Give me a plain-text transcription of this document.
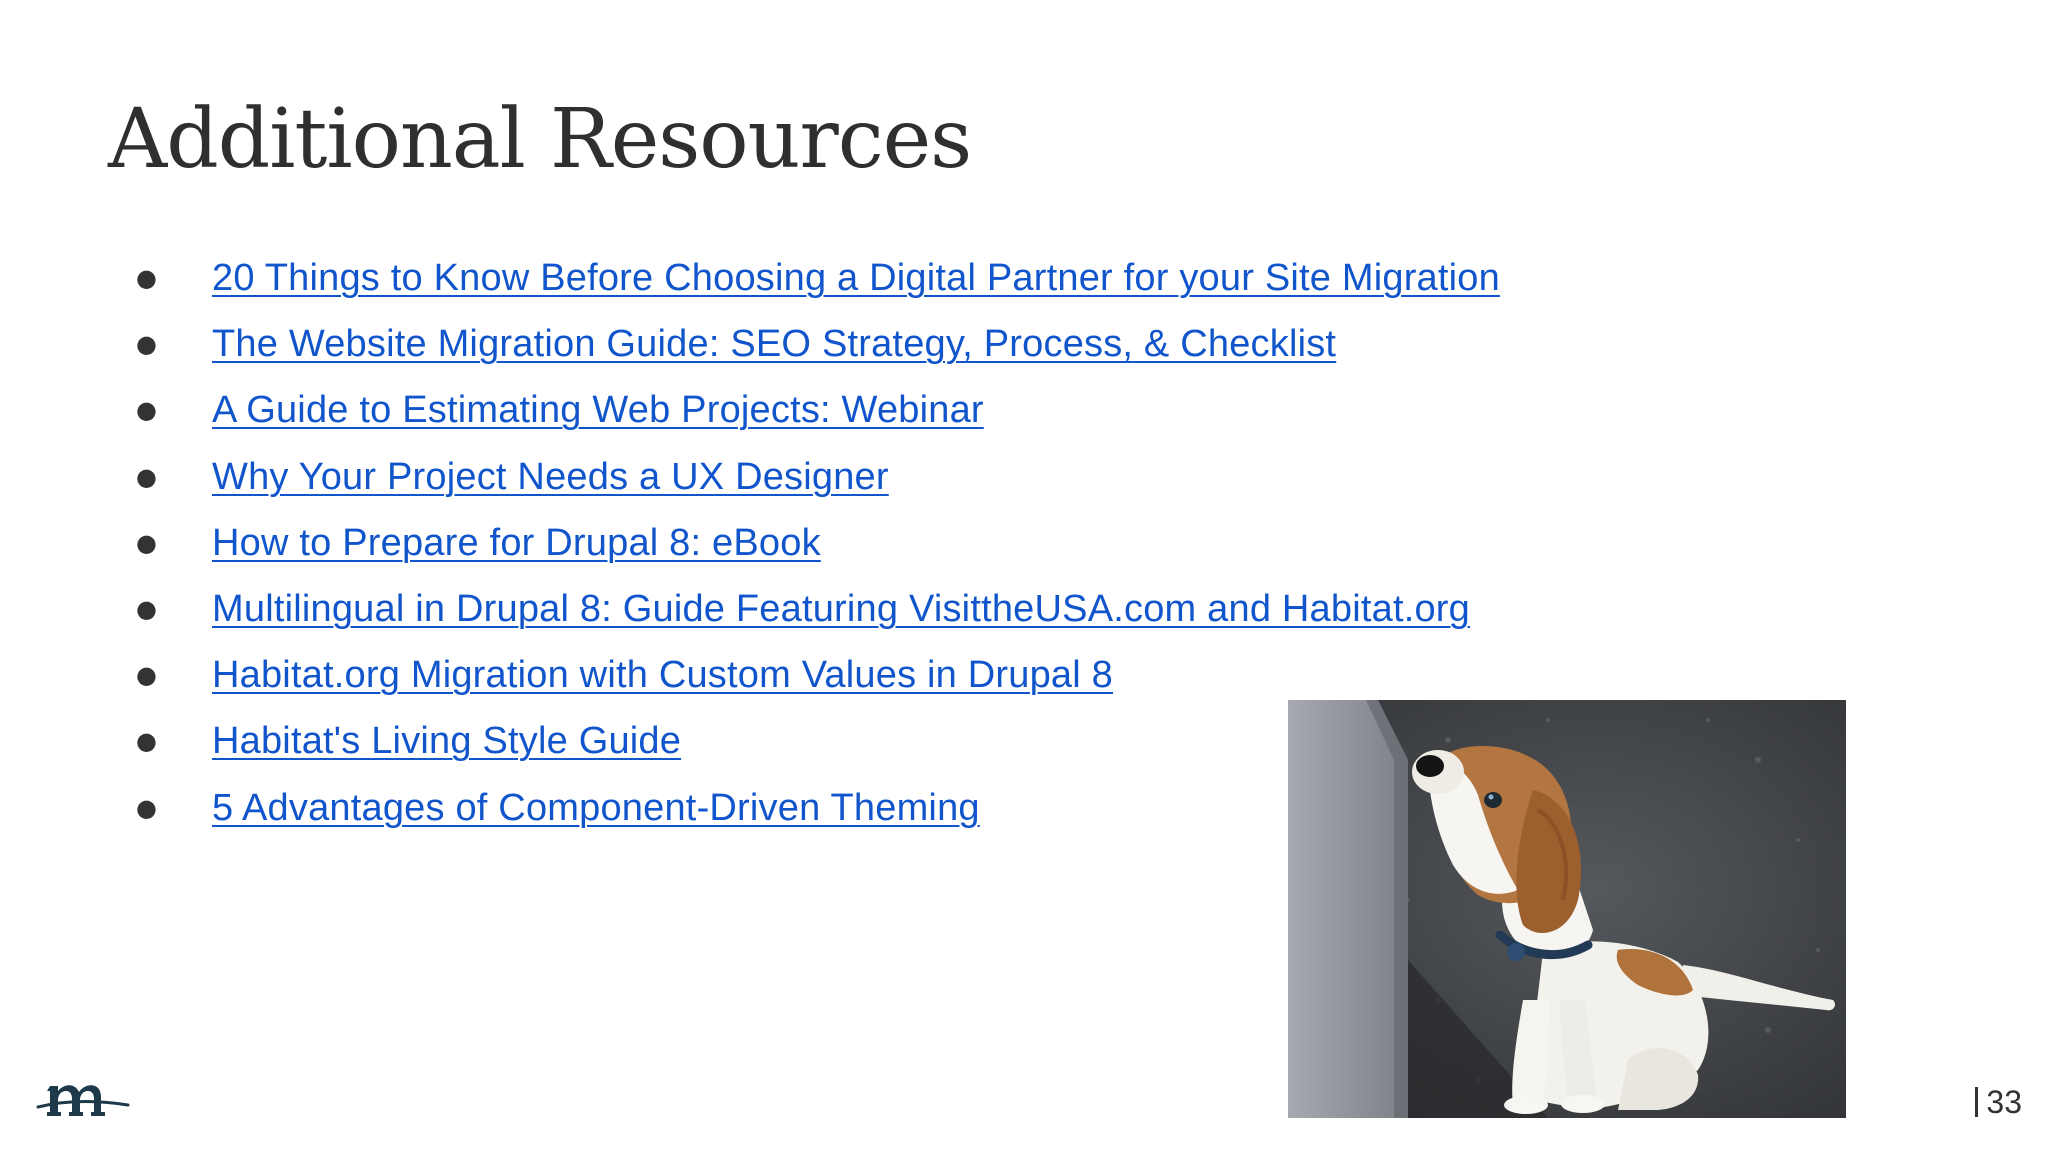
Additional Resources
●	20 Things to Know Before Choosing a Digital Partner for your Site Migration
●	The Website Migration Guide: SEO Strategy, Process, & Checklist
●	A Guide to Estimating Web Projects: Webinar
●	Why Your Project Needs a UX Designer
●	How to Prepare for Drupal 8: eBook
●	Multilingual in Drupal 8: Guide Featuring VisittheUSA.com and Habitat.org
●	Habitat.org Migration with Custom Values in Drupal 8
●	Habitat's Living Style Guide
●	5 Advantages of Component-Driven Theming
33
